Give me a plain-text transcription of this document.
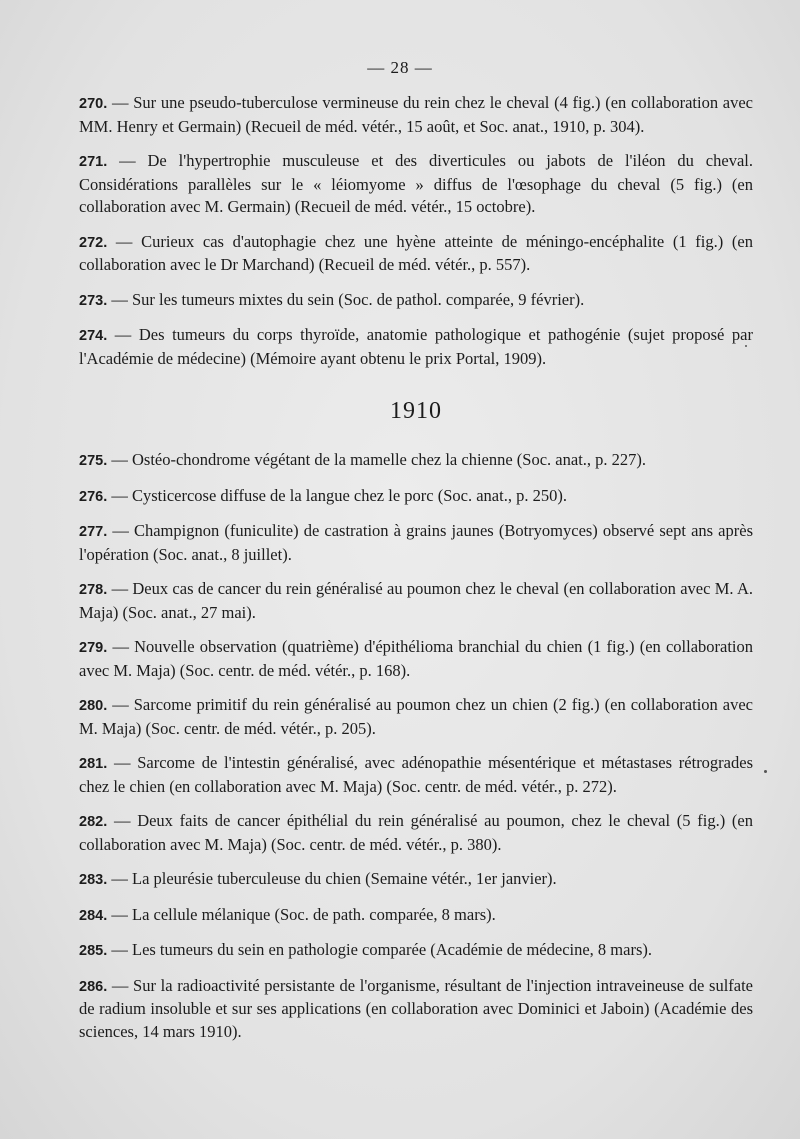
— 28 —
270. — Sur une pseudo-tuberculose vermineuse du rein chez le cheval (4 fig.) (en collaboration avec MM. Henry et Germain) (Recueil de méd. vétér., 15 août, et Soc. anat., 1910, p. 304).
271. — De l'hypertrophie musculeuse et des diverticules ou jabots de l'iléon du cheval. Considérations parallèles sur le « léiomyome » diffus de l'œsophage du cheval (5 fig.) (en collaboration avec M. Germain) (Recueil de méd. vétér., 15 octobre).
272. — Curieux cas d'autophagie chez une hyène atteinte de méningo-encéphalite (1 fig.) (en collaboration avec le Dr Marchand) (Recueil de méd. vétér., p. 557).
273. — Sur les tumeurs mixtes du sein (Soc. de pathol. comparée, 9 février).
274. — Des tumeurs du corps thyroïde, anatomie pathologique et pathogénie (sujet proposé par l'Académie de médecine) (Mémoire ayant obtenu le prix Portal, 1909).
1910
275. — Ostéo-chondrome végétant de la mamelle chez la chienne (Soc. anat., p. 227).
276. — Cysticercose diffuse de la langue chez le porc (Soc. anat., p. 250).
277. — Champignon (funiculite) de castration à grains jaunes (Botryomyces) observé sept ans après l'opération (Soc. anat., 8 juillet).
278. — Deux cas de cancer du rein généralisé au poumon chez le cheval (en collaboration avec M. A. Maja) (Soc. anat., 27 mai).
279. — Nouvelle observation (quatrième) d'épithélioma branchial du chien (1 fig.) (en collaboration avec M. Maja) (Soc. centr. de méd. vétér., p. 168).
280. — Sarcome primitif du rein généralisé au poumon chez un chien (2 fig.) (en collaboration avec M. Maja) (Soc. centr. de méd. vétér., p. 205).
281. — Sarcome de l'intestin généralisé, avec adénopathie mésentérique et métastases rétrogrades chez le chien (en collaboration avec M. Maja) (Soc. centr. de méd. vétér., p. 272).
282. — Deux faits de cancer épithélial du rein généralisé au poumon, chez le cheval (5 fig.) (en collaboration avec M. Maja) (Soc. centr. de méd. vétér., p. 380).
283. — La pleurésie tuberculeuse du chien (Semaine vétér., 1er janvier).
284. — La cellule mélanique (Soc. de path. comparée, 8 mars).
285. — Les tumeurs du sein en pathologie comparée (Académie de médecine, 8 mars).
286. — Sur la radioactivité persistante de l'organisme, résultant de l'injection intraveineuse de sulfate de radium insoluble et sur ses applications (en collaboration avec Dominici et Jaboin) (Académie des sciences, 14 mars 1910).
